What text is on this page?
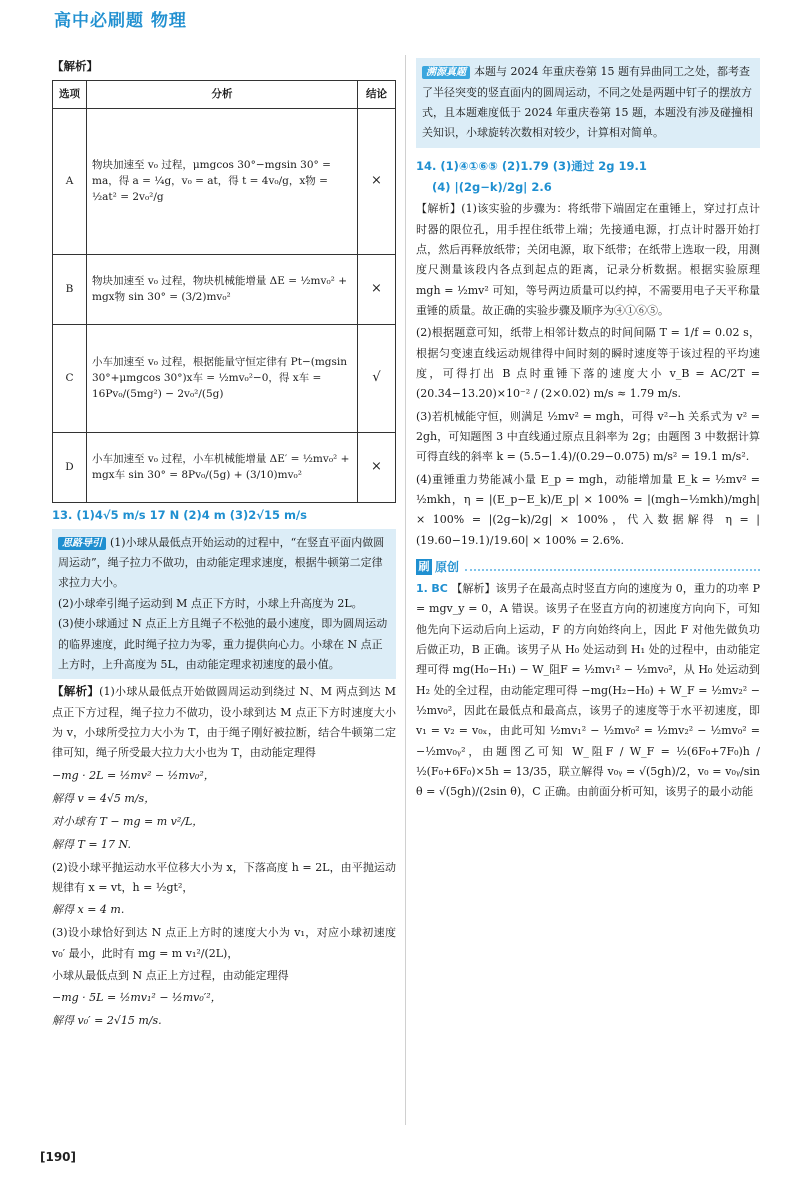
高中必刷题 物理
【解析】
选项	分析	结论
A	物块加速至 v₀ 过程，μmgcos 30°−mgsin 30° = ma，得 a = ¼g，v₀ = at，得 t = 4v₀/g，x物 = ½at² = 2v₀²/g	×
B	物块加速至 v₀ 过程，物块机械能增量 ΔE = ½mv₀² + mgx物 sin 30° = (3/2)mv₀²	×
C	小车加速至 v₀ 过程，根据能量守恒定律有 Pt−(mgsin 30°+μmgcos 30°)x车 = ½mv₀²−0，得 x车 = 16Pv₀/(5mg²) − 2v₀²/(5g)	√
D	小车加速至 v₀ 过程，小车机械能增量 ΔE′ = ½mv₀² + mgx车 sin 30° = 8Pv₀/(5g) + (3/10)mv₀²	×
13. (1)4√5 m/s 17 N (2)4 m (3)2√15 m/s
思路导引 (1)小球从最低点开始运动的过程中，“在竖直平面内做圆周运动”，绳子拉力不做功，由动能定理求速度，根据牛顿第二定律求拉力大小。
(2)小球牵引绳子运动到 M 点正下方时，小球上升高度为 2L。
(3)使小球通过 N 点正上方且绳子不松弛的最小速度，即为圆周运动的临界速度，此时绳子拉力为零，重力提供向心力。小球在 N 点正上方时，上升高度为 5L，由动能定理求初速度的最小值。
【解析】(1)小球从最低点开始做圆周运动到绕过 N、M 两点到达 M 点正下方过程，绳子拉力不做功，设小球到达 M 点正下方时速度大小为 v，小球所受拉力大小为 T，由于绳子刚好被拉断，结合牛顿第二定律可知，绳子所受最大拉力大小也为 T，由动能定理得
−mg · 2L = ½mv² − ½mv₀²，
解得 v = 4√5 m/s，
对小球有 T − mg = m v²/L，
解得 T = 17 N.
(2)设小球平抛运动水平位移大小为 x，下落高度 h = 2L，由平抛运动规律有 x = vt，h = ½gt²，
解得 x = 4 m.
(3)设小球恰好到达 N 点正上方时的速度大小为 v₁，对应小球初速度 v₀′ 最小，此时有 mg = m v₁²/(2L)，
小球从最低点到 N 点正上方过程，由动能定理得
−mg · 5L = ½mv₁² − ½mv₀′²，
解得 v₀′ = 2√15 m/s.
溯源真题 本题与 2024 年重庆卷第 15 题有异曲同工之处，都考查了半径突变的竖直面内的圆周运动，不同之处是两题中钉子的摆放方式，且本题难度低于 2024 年重庆卷第 15 题，本题没有涉及碰撞相关知识，小球旋转次数相对较少，计算相对简单。
14. (1)④①⑥⑤ (2)1.79 (3)通过 2g 19.1
(4) |(2g−k)/2g| 2.6
【解析】(1)该实验的步骤为：将纸带下端固定在重锤上，穿过打点计时器的限位孔，用手捏住纸带上端；先接通电源，打点计时器开始打点，然后再释放纸带；关闭电源，取下纸带；在纸带上选取一段，用测度尺测量该段内各点到起点的距离，记录分析数据。根据实验原理 mgh = ½mv² 可知，等号两边质量可以约掉，不需要用电子天平称量重锤的质量。故正确的实验步骤及顺序为④①⑥⑤。
(2)根据题意可知，纸带上相邻计数点的时间间隔 T = 1/f = 0.02 s，根据匀变速直线运动规律得中间时刻的瞬时速度等于该过程的平均速度，可得打出 B 点时重锤下落的速度大小 v_B = AC/2T = (20.34−13.20)×10⁻² / (2×0.02) m/s ≈ 1.79 m/s.
(3)若机械能守恒，则满足 ½mv² = mgh，可得 v²−h 关系式为 v² = 2gh，可知题图 3 中直线通过原点且斜率为 2g；由题图 3 中数据计算可得直线的斜率 k = (5.5−1.4)/(0.29−0.075) m/s² = 19.1 m/s².
(4)重锤重力势能减小量 E_p = mgh，动能增加量 E_k = ½mv² = ½mkh，η = |(E_p−E_k)/E_p| × 100% = |(mgh−½mkh)/mgh| × 100% = |(2g−k)/2g| × 100%，代入数据解得 η = |(19.60−19.1)/19.60| × 100% = 2.6%.
刷 原创
1. BC 【解析】该男子在最高点时竖直方向的速度为 0，重力的功率 P = mgv_y = 0，A 错误。该男子在竖直方向的初速度方向向下，可知他先向下运动后向上运动，F 的方向始终向上，因此 F 对他先做负功后做正功，B 正确。该男子从 H₀ 处运动到 H₁ 处的过程中，由动能定理可得 mg(H₀−H₁) − W_阻F = ½mv₁² − ½mv₀²，从 H₀ 处运动到 H₂ 处的全过程，由动能定理可得 −mg(H₂−H₀) + W_F = ½mv₂² − ½mv₀²，因此在最低点和最高点，该男子的速度等于水平初速度，即 v₁ = v₂ = v₀ₓ，由此可知 ½mv₁² − ½mv₀² = ½mv₂² − ½mv₀² = −½mv₀ᵧ²，由题图乙可知 W_阻F / W_F = ½(6F₀+7F₀)h / ½(F₀+6F₀)×5h = 13/35，联立解得 v₀ᵧ = √(5gh)/2，v₀ = v₀ᵧ/sin θ = √(5gh)/(2sin θ)，C 正确。由前面分析可知，该男子的最小动能
[190]
